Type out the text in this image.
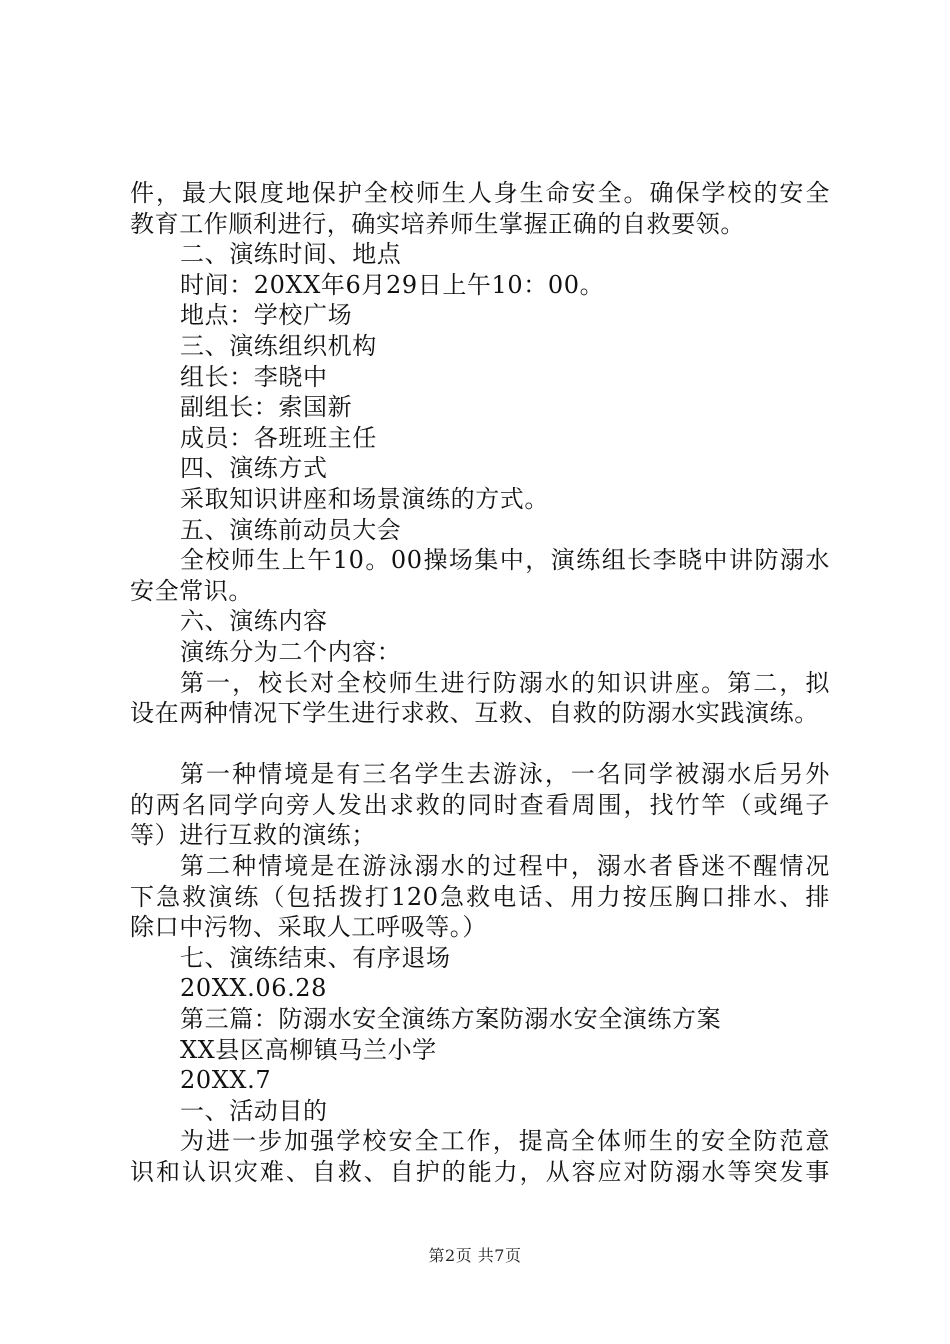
件，最大限度地保护全校师生人身生命安全。确保学校的安全
教育工作顺利进行，确实培养师生掌握正确的自救要领。
二、演练时间、地点
时间：20XX年6月29日上午10：00。
地点：学校广场
三、演练组织机构
组长：李晓中
副组长：索国新
成员：各班班主任
四、演练方式
采取知识讲座和场景演练的方式。
五、演练前动员大会
全校师生上午10。00操场集中，演练组长李晓中讲防溺水
安全常识。
六、演练内容
演练分为二个内容：
第一，校长对全校师生进行防溺水的知识讲座。第二，拟
设在两种情况下学生进行求救、互救、自救的防溺水实践演练。
第一种情境是有三名学生去游泳，一名同学被溺水后另外
的两名同学向旁人发出求救的同时查看周围，找竹竿（或绳子
等）进行互救的演练；
第二种情境是在游泳溺水的过程中，溺水者昏迷不醒情况
下急救演练（包括拨打120急救电话、用力按压胸口排水、排
除口中污物、采取人工呼吸等。）
七、演练结束、有序退场
20XX.06.28
第三篇：防溺水安全演练方案防溺水安全演练方案
XX县区高柳镇马兰小学
20XX.7
一、活动目的
为进一步加强学校安全工作，提高全体师生的安全防范意
识和认识灾难、自救、自护的能力，从容应对防溺水等突发事
第2页 共7页
